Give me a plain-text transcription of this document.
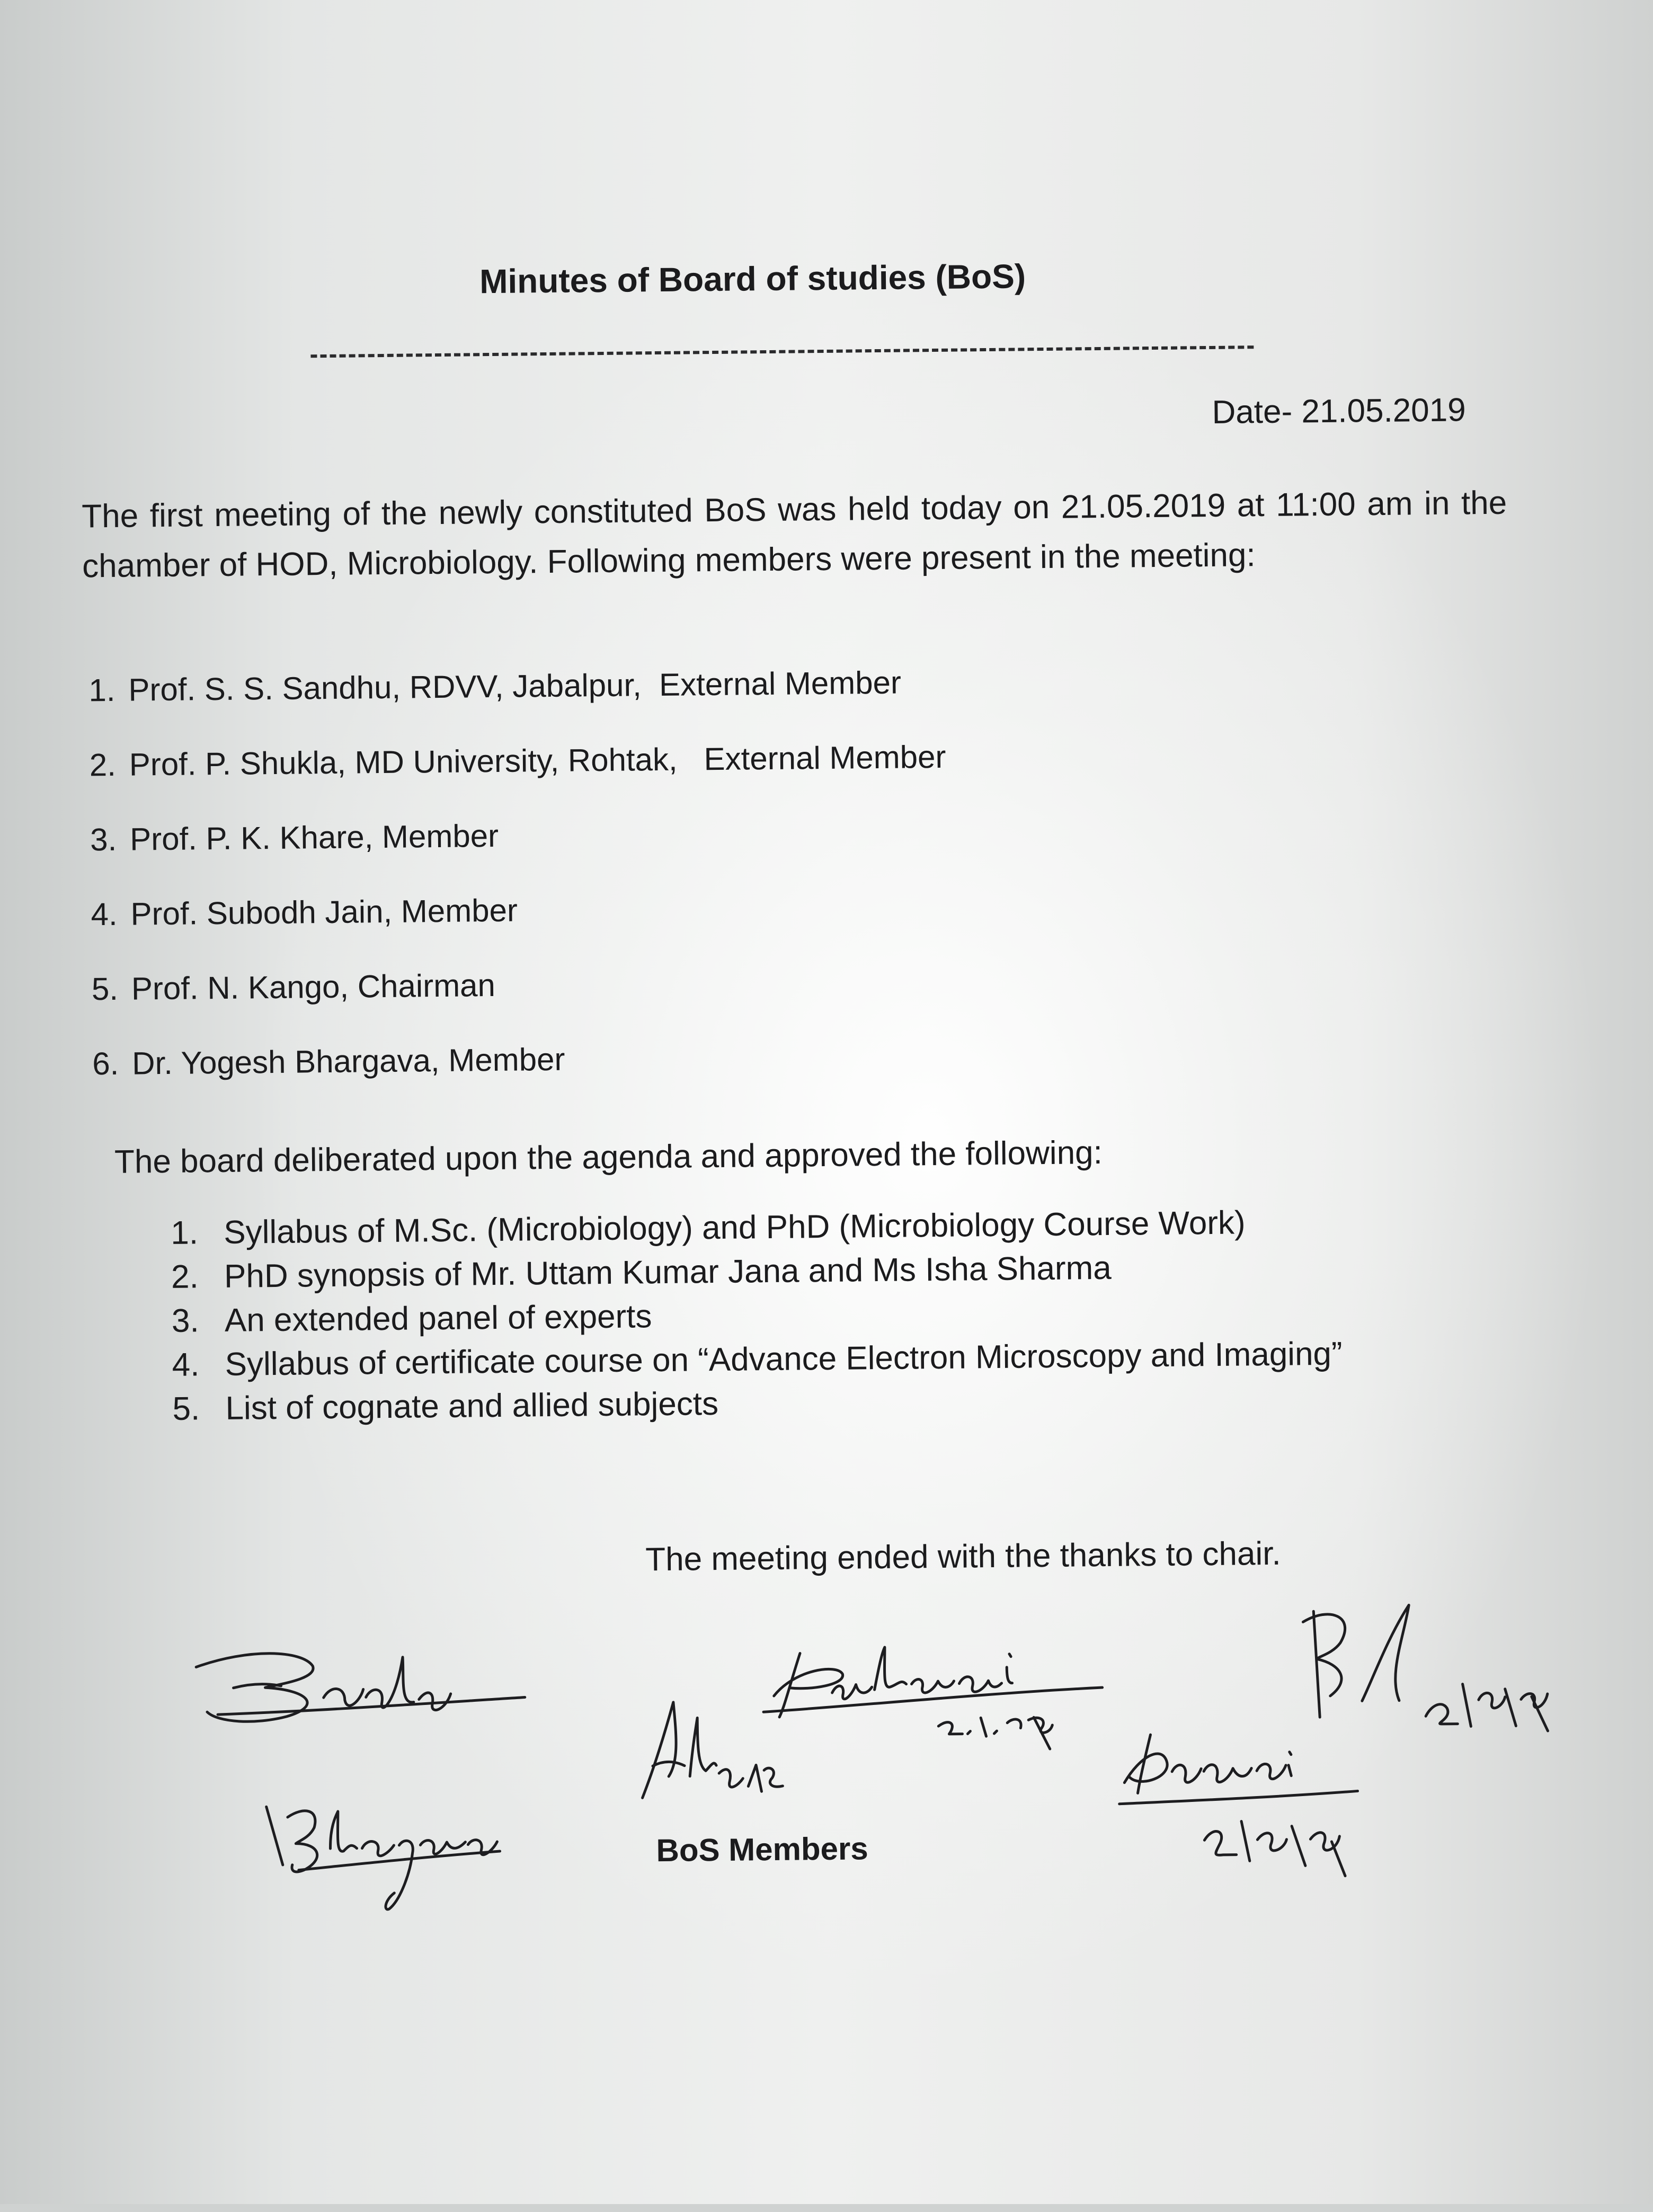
Minutes of Board of studies (BoS)
Date- 21.05.2019
The first meeting of the newly constituted BoS was held today on 21.05.2019 at 11:00 am in the chamber of HOD, Microbiology. Following members were present in the meeting:
1. Prof. S. S. Sandhu, RDVV, Jabalpur,  External Member
2. Prof. P. Shukla, MD University, Rohtak,   External Member
3. Prof. P. K. Khare, Member
4. Prof. Subodh Jain, Member
5. Prof. N. Kango, Chairman
6. Dr. Yogesh Bhargava, Member
The board deliberated upon the agenda and approved the following:
1. Syllabus of M.Sc. (Microbiology) and PhD (Microbiology Course Work)
2. PhD synopsis of Mr. Uttam Kumar Jana and Ms Isha Sharma
3. An extended panel of experts
4. Syllabus of certificate course on “Advance Electron Microscopy and Imaging”
5. List of cognate and allied subjects
The meeting ended with the thanks to chair.
BoS Members
